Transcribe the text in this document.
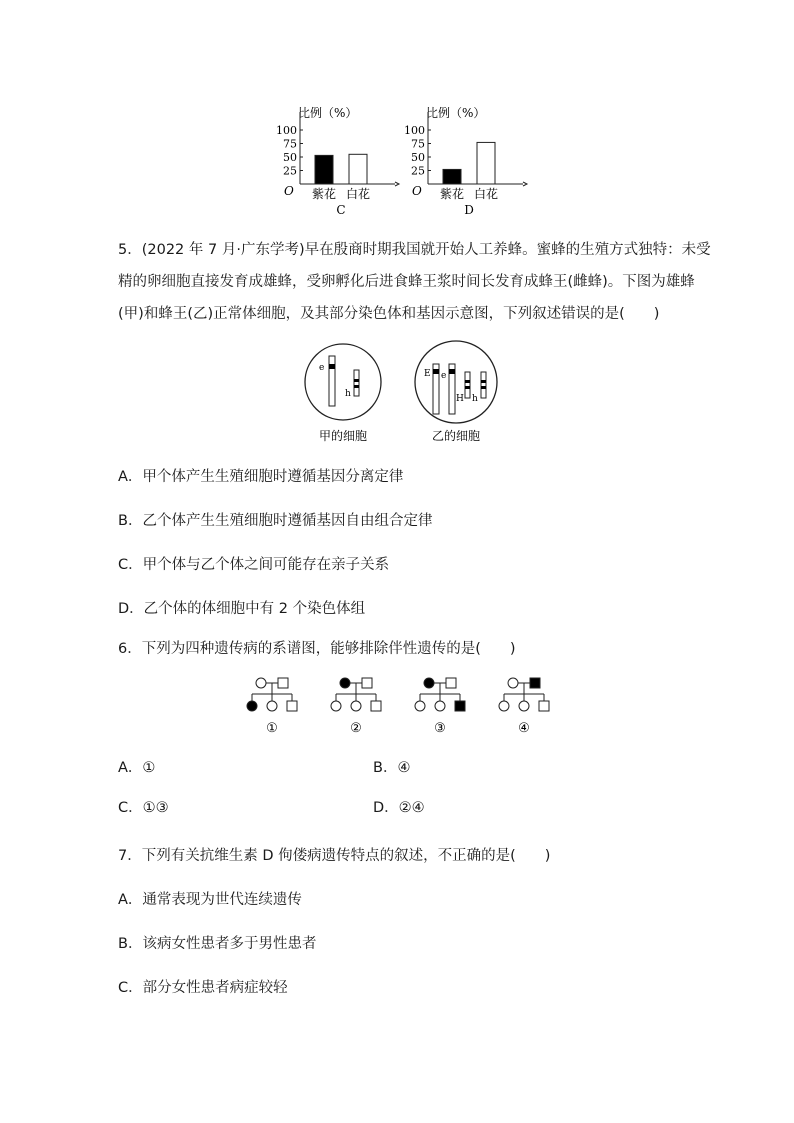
比例（%）
O
100
75
50
25
紫花 白花
C
比例（%）
O
100
75
50
25
紫花 白花
D
5．(2022 年 7 月·广东学考)早在殷商时期我国就开始人工养蜂。蜜蜂的生殖方式独特：未受
精的卵细胞直接发育成雄蜂，受卵孵化后进食蜂王浆时间长发育成蜂王(雌蜂)。下图为雄蜂
(甲)和蜂王(乙)正常体细胞，及其部分染色体和基因示意图，下列叙述错误的是(　　)
e
h
甲的细胞
E e
H h
乙的细胞
A．甲个体产生生殖细胞时遵循基因分离定律
B．乙个体产生生殖细胞时遵循基因自由组合定律
C．甲个体与乙个体之间可能存在亲子关系
D．乙个体的体细胞中有 2 个染色体组
6．下列为四种遗传病的系谱图，能够排除伴性遗传的是(　　)
①	②	③	④
A．①	B．④
C．①③	D．②④
7．下列有关抗维生素 D 佝偻病遗传特点的叙述，不正确的是(　　)
A．通常表现为世代连续遗传
B．该病女性患者多于男性患者
C．部分女性患者病症较轻
